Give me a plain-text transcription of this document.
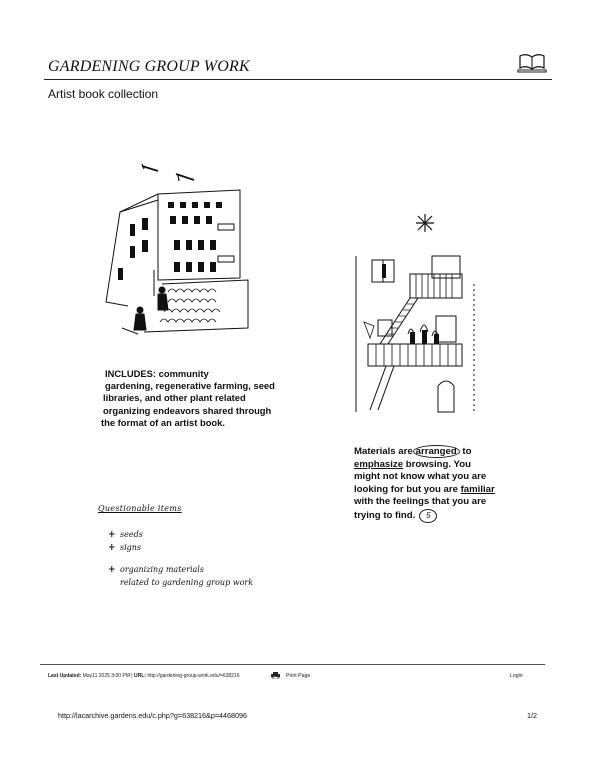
GARDENING GROUP WORK
Artist book collection
INCLUDES: community
gardening, regenerative farming, seed
libraries, and other plant related
organizing endeavors shared through
the format of an artist book.
Materials are arranged to
emphasize browsing. You
might not know what you are
looking for but you are familiar
with the feelings that you are
trying to find. 5
Questionable items
+ seeds
+ signs
+ organizing materials
related to gardening group work
Last Updated: May11 2025 3:00 PM | URL: http://gardening-group-work.edu/=638216	Print Page	Login
http://lacarchive.gardens.edu/c.php?g=638216&p=4468096	1/2
